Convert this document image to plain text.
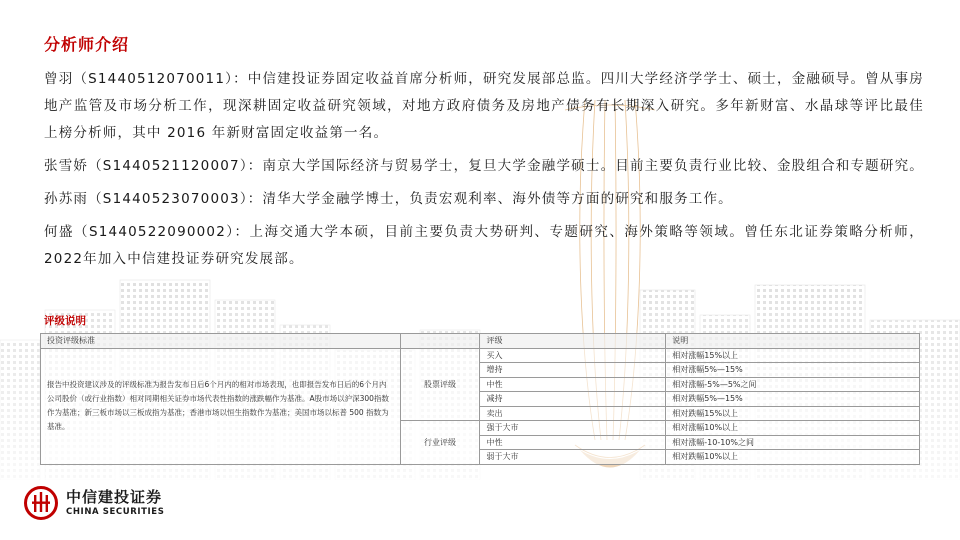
分析师介绍

曾羽（S1440512070011）：中信建投证券固定收益首席分析师，研究发展部总监。四川大学经济学学士、硕士，金融硕导。曾从事房地产监管及市场分析工作，现深耕固定收益研究领域，对地方政府债务及房地产债务有长期深入研究。多年新财富、水晶球等评比最佳上榜分析师，其中 2016 年新财富固定收益第一名。

张雪娇（S1440521120007）：南京大学国际经济与贸易学士，复旦大学金融学硕士。目前主要负责行业比较、金股组合和专题研究。

孙苏雨（S1440523070003）：清华大学金融学博士，负责宏观利率、海外债等方面的研究和服务工作。

何盛（S1440522090002）：上海交通大学本硕，目前主要负责大势研判、专题研究、海外策略等领域。曾任东北证券策略分析师，2022年加入中信建投证券研究发展部。

评级说明
投资评级标准		评级	说明
报告中投资建议涉及的评级标准为报告发布日后6个月内的相对市场表现，也即报告发布日后的6个月内公司股价（或行业指数）相对同期相关证券市场代表性指数的涨跌幅作为基准。A股市场以沪深300指数作为基准；新三板市场以三板成指为基准；香港市场以恒生指数作为基准；美国市场以标普 500 指数为基准。	股票评级	买入	相对涨幅15%以上
		增持	相对涨幅5%—15%
		中性	相对涨幅-5%—5%之间
		减持	相对跌幅5%—15%
		卖出	相对跌幅15%以上
	行业评级	强于大市	相对涨幅10%以上
		中性	相对涨幅-10-10%之间
		弱于大市	相对跌幅10%以上
中信建投证券
CHINA SECURITIES
